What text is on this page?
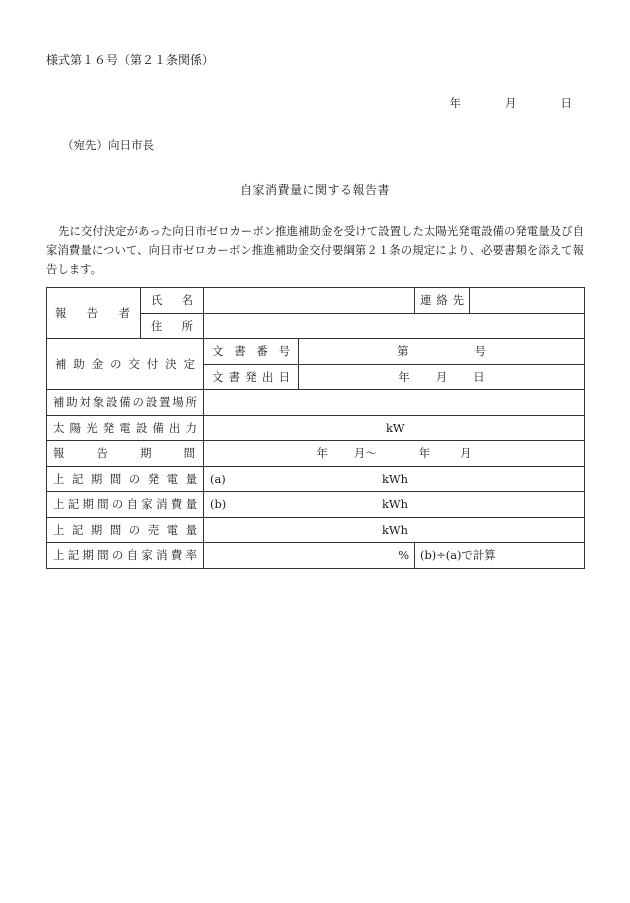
様式第１６号（第２１条関係）
年	月	日
（宛先）向日市長
自家消費量に関する報告書
先に交付決定があった向日市ゼロカーボン推進補助金を受けて設置した太陽光発電設備の発電量及び自家消費量について、向日市ゼロカーボン推進補助金交付要綱第２１条の規定により、必要書類を添えて報告します。
報告者	氏名			連絡先	
	住所				
補助金の交付決定		文書番号	第 号		
		文書発出日	年 月 日		
補助対象設備の設置場所					
太陽光発電設備出力		kW			

報告期間		年 月～ 年 月			
上記期間の発電量		(a) kWh			

上記期間の自家消費量		(b) kWh			

上記期間の売電量		kWh			

上記期間の自家消費率		%		(b)÷(a)で計算	
